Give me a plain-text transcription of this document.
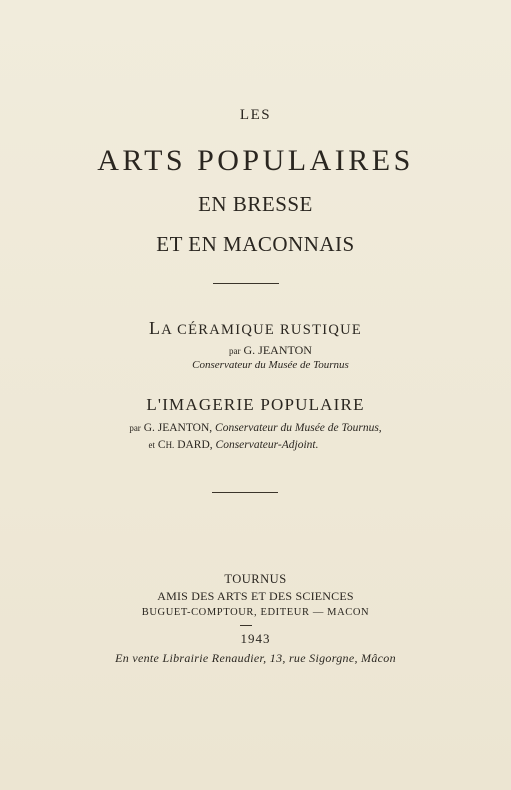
LES
ARTS POPULAIRES
EN BRESSE
ET EN MACONNAIS
LA CÉRAMIQUE RUSTIQUE
par G. JEANTON
Conservateur du Musée de Tournus
L'IMAGERIE POPULAIRE
par G. JEANTON, Conservateur du Musée de Tournus,
et CH. DARD, Conservateur-Adjoint.
TOURNUS
AMIS DES ARTS ET DES SCIENCES
BUGUET-COMPTOUR, EDITEUR — MACON
1943
En vente Librairie Renaudier, 13, rue Sigorgne, Mâcon
